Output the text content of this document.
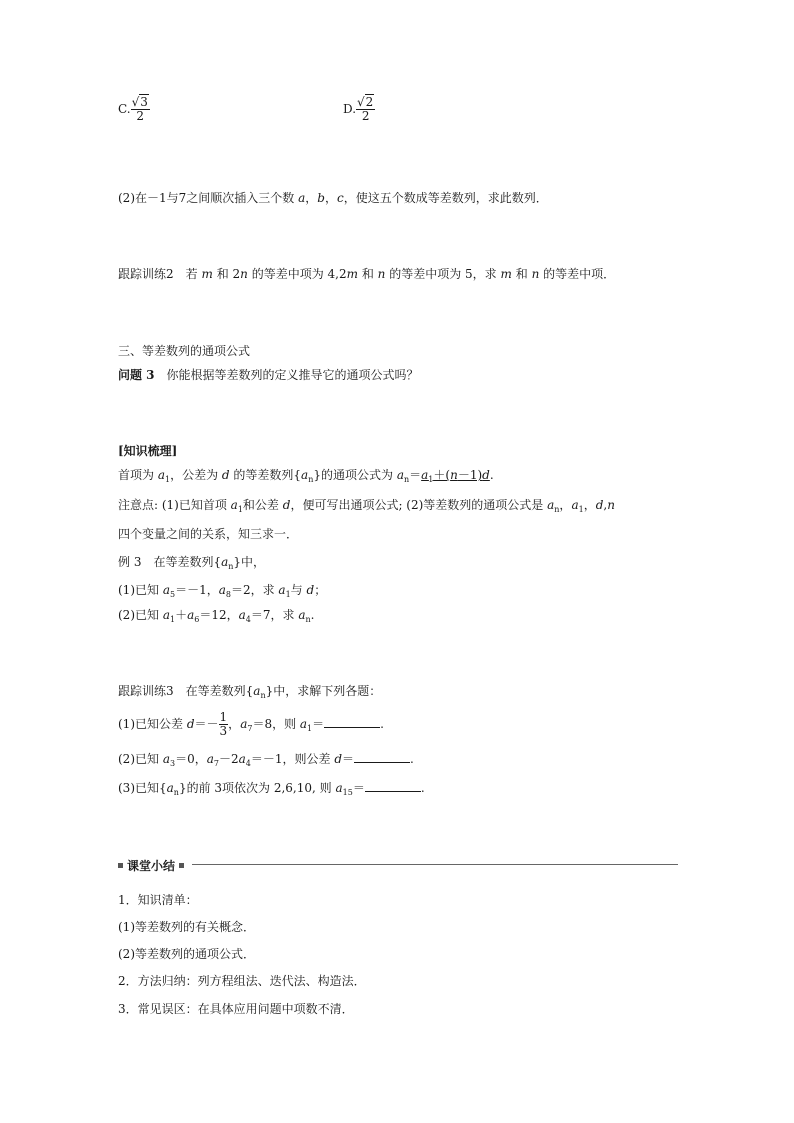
C. $\frac{√3}{2}$	D. $\frac{√2}{2}$
(2)在－1与7之间顺次插入三个数 a，b，c，使这五个数成等差数列，求此数列．
跟踪训练2　若 m 和 2n 的等差中项为 4,2m 和 n 的等差中项为 5，求 m 和 n 的等差中项．
三、等差数列的通项公式
问题 3　 你能根据等差数列的定义推导它的通项公式吗？
[知识梳理]
首项为 $a_1$，公差为 d 的等差数列$\{a_n\}$的通项公式为 $a_n=a_1+(n-1)d$.
注意点: (1)已知首项 $a_1$和公差 d，便可写出通项公式; (2)等差数列的通项公式是 $a_n$，$a_1$，d,n
四个变量之间的关系，知三求一．
例 3　在等差数列$\{a_n\}$中，
(1)已知 $a_5=-1$，$a_8=2$，求 $a_1$与 d；
(2)已知 $a_1+a_6=12$，$a_4=7$，求 $a_n$.
跟踪训练3　在等差数列$\{a_n\}$中，求解下列各题：
(1)已知公差 $d=- \frac{1}{3}$ ，$a_7=8$，则 $a_1=$	.
(2)已知 $a_3=0$，$a_7-2a_4=-1$，则公差 d＝	.
(3)已知$\{a_n\}$的前 3项依次为 2,6,10, 则 $a_{15}=$	.
课堂小结
1．知识清单：
(1)等差数列的有关概念．
(2)等差数列的通项公式．
2．方法归纳：列方程组法、迭代法、构造法．
3．常见误区：在具体应用问题中项数不清．
